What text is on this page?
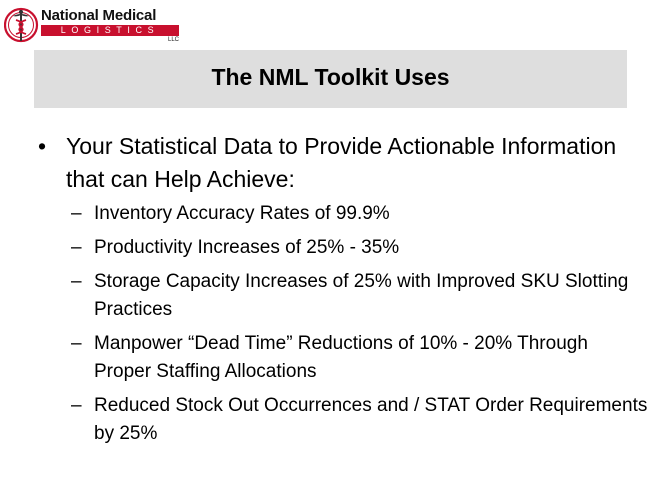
National Medical
LOGISTICS
LLC
The NML Toolkit Uses
• Your Statistical Data to Provide Actionable Information that can Help Achieve:
– Inventory Accuracy Rates of 99.9%
– Productivity Increases of 25% - 35%
– Storage Capacity Increases of 25% with Improved SKU Slotting Practices
– Manpower “Dead Time” Reductions of 10% - 20% Through Proper Staffing Allocations
– Reduced Stock Out Occurrences and / STAT Order Requirements by 25%
